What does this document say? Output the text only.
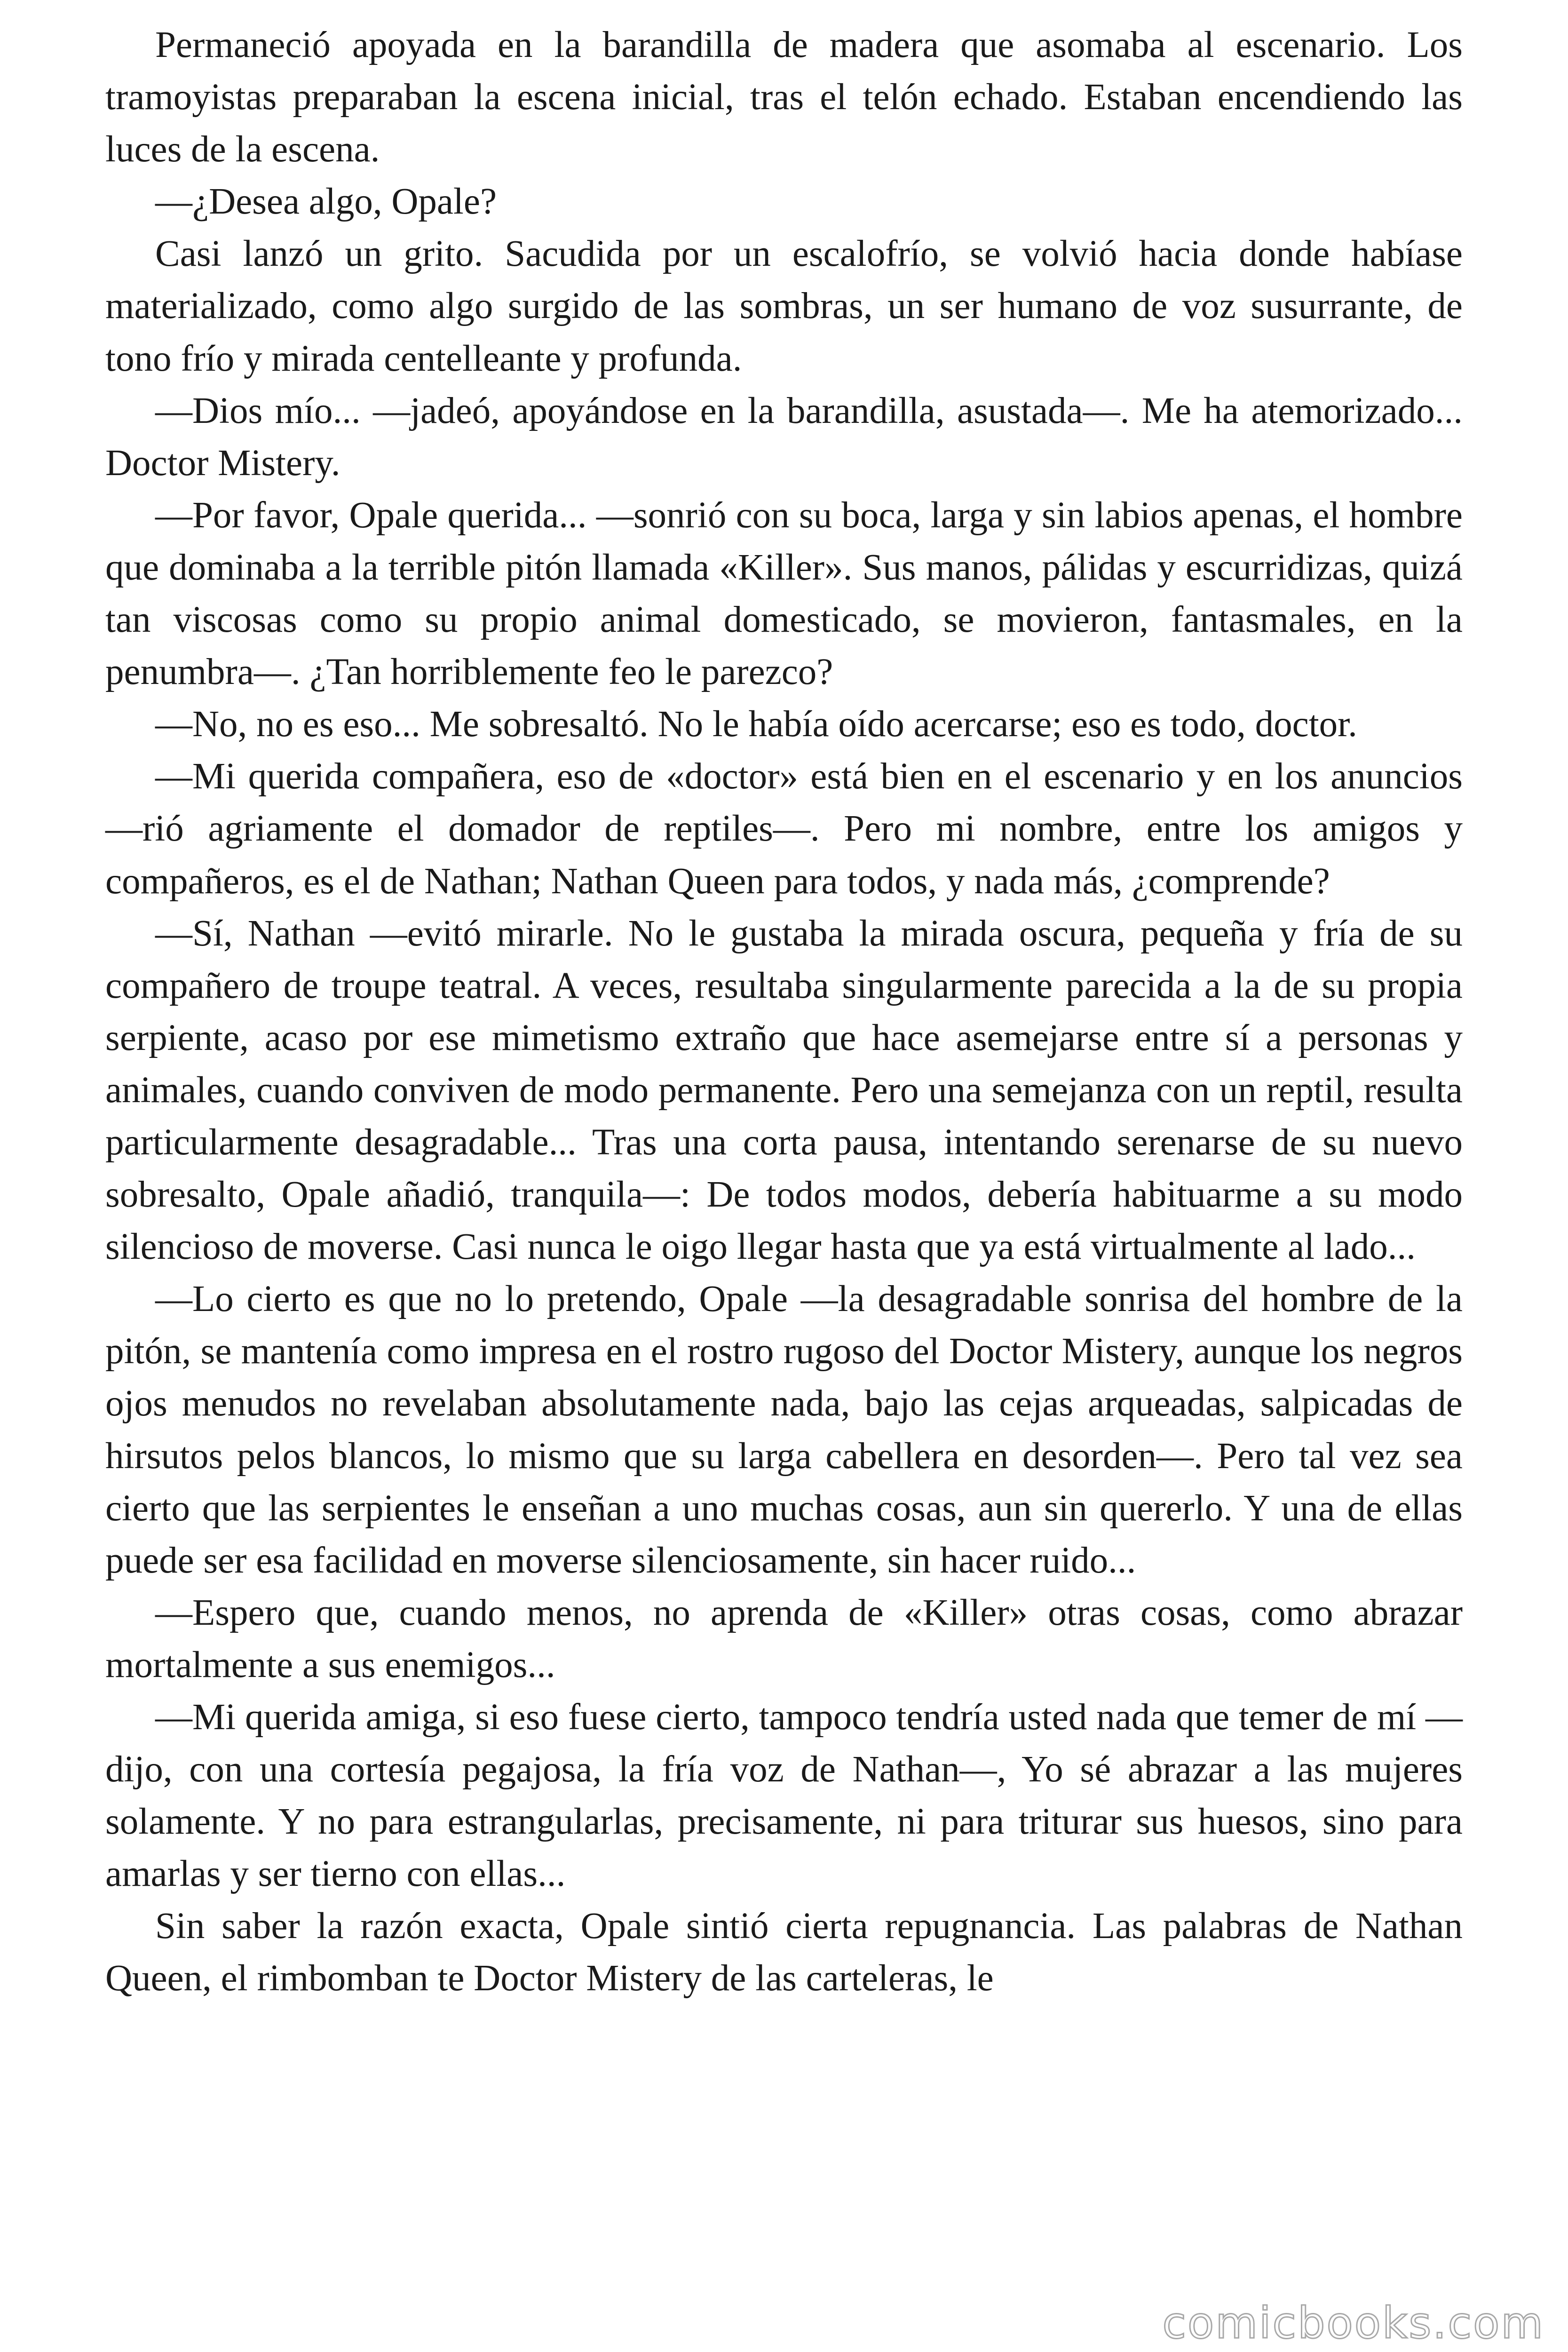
Permaneció apoyada en la barandilla de madera que asomaba al escenario. Los tramoyistas preparaban la escena inicial, tras el telón echado. Estaban encendiendo las luces de la escena.

—¿Desea algo, Opale?

Casi lanzó un grito. Sacudida por un escalofrío, se volvió hacia donde habíase materializado, como algo surgido de las sombras, un ser humano de voz susurrante, de tono frío y mirada centelleante y profunda.

—Dios mío... —jadeó, apoyándose en la barandilla, asustada—. Me ha atemorizado... Doctor Mistery.

—Por favor, Opale querida... —sonrió con su boca, larga y sin labios apenas, el hombre que dominaba a la terrible pitón llamada «Killer». Sus manos, pálidas y escurridizas, quizá tan viscosas como su propio animal domesticado, se movieron, fantasmales, en la penumbra—. ¿Tan horriblemente feo le parezco?

—No, no es eso... Me sobresaltó. No le había oído acercarse; eso es todo, doctor.

—Mi querida compañera, eso de «doctor» está bien en el escenario y en los anuncios —rió agriamente el domador de reptiles—. Pero mi nombre, entre los amigos y compañeros, es el de Nathan; Nathan Queen para todos, y nada más, ¿comprende?

—Sí, Nathan —evitó mirarle. No le gustaba la mirada oscura, pequeña y fría de su compañero de troupe teatral. A veces, resultaba singularmente parecida a la de su propia serpiente, acaso por ese mimetismo extraño que hace asemejarse entre sí a personas y animales, cuando conviven de modo permanente. Pero una semejanza con un reptil, resulta particularmente desagradable... Tras una corta pausa, intentando serenarse de su nuevo sobresalto, Opale añadió, tranquila—: De todos modos, debería habituarme a su modo silencioso de moverse. Casi nunca le oigo llegar hasta que ya está virtualmente al lado...

—Lo cierto es que no lo pretendo, Opale —la desagradable sonrisa del hombre de la pitón, se mantenía como impresa en el rostro rugoso del Doctor Mistery, aunque los negros ojos menudos no revelaban absolutamente nada, bajo las cejas arqueadas, salpicadas de hirsutos pelos blancos, lo mismo que su larga cabellera en desorden—. Pero tal vez sea cierto que las serpientes le enseñan a uno muchas cosas, aun sin quererlo. Y una de ellas puede ser esa facilidad en moverse silenciosamente, sin hacer ruido...

—Espero que, cuando menos, no aprenda de «Killer» otras cosas, como abrazar mortalmente a sus enemigos...

—Mi querida amiga, si eso fuese cierto, tampoco tendría usted nada que temer de mí —dijo, con una cortesía pegajosa, la fría voz de Nathan—, Yo sé abrazar a las mujeres solamente. Y no para estrangularlas, precisamente, ni para triturar sus huesos, sino para amarlas y ser tierno con ellas...

Sin saber la razón exacta, Opale sintió cierta repugnancia. Las palabras de Nathan Queen, el rimbomban te Doctor Mistery de las carteleras, le

comicbooks.com
